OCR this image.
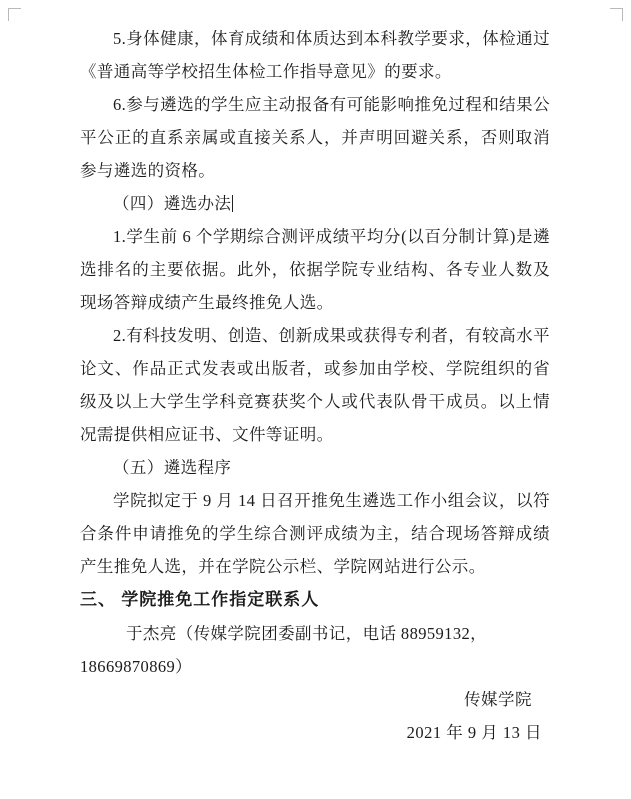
5.身体健康，体育成绩和体质达到本科教学要求，体检通过《普通高等学校招生体检工作指导意见》的要求。

6.参与遴选的学生应主动报备有可能影响推免过程和结果公平公正的直系亲属或直接关系人，并声明回避关系，否则取消参与遴选的资格。

（四）遴选办法

1.学生前 6 个学期综合测评成绩平均分(以百分制计算)是遴选排名的主要依据。此外，依据学院专业结构、各专业人数及现场答辩成绩产生最终推免人选。

2.有科技发明、创造、创新成果或获得专利者，有较高水平论文、作品正式发表或出版者，或参加由学校、学院组织的省级及以上大学生学科竞赛获奖个人或代表队骨干成员。以上情况需提供相应证书、文件等证明。

（五）遴选程序

学院拟定于 9 月 14 日召开推免生遴选工作小组会议，以符合条件申请推免的学生综合测评成绩为主，结合现场答辩成绩产生推免人选，并在学院公示栏、学院网站进行公示。

三、 学院推免工作指定联系人

于杰亮（传媒学院团委副书记，电话 88959132，

18669870869）

传媒学院

2021 年 9 月 13 日
